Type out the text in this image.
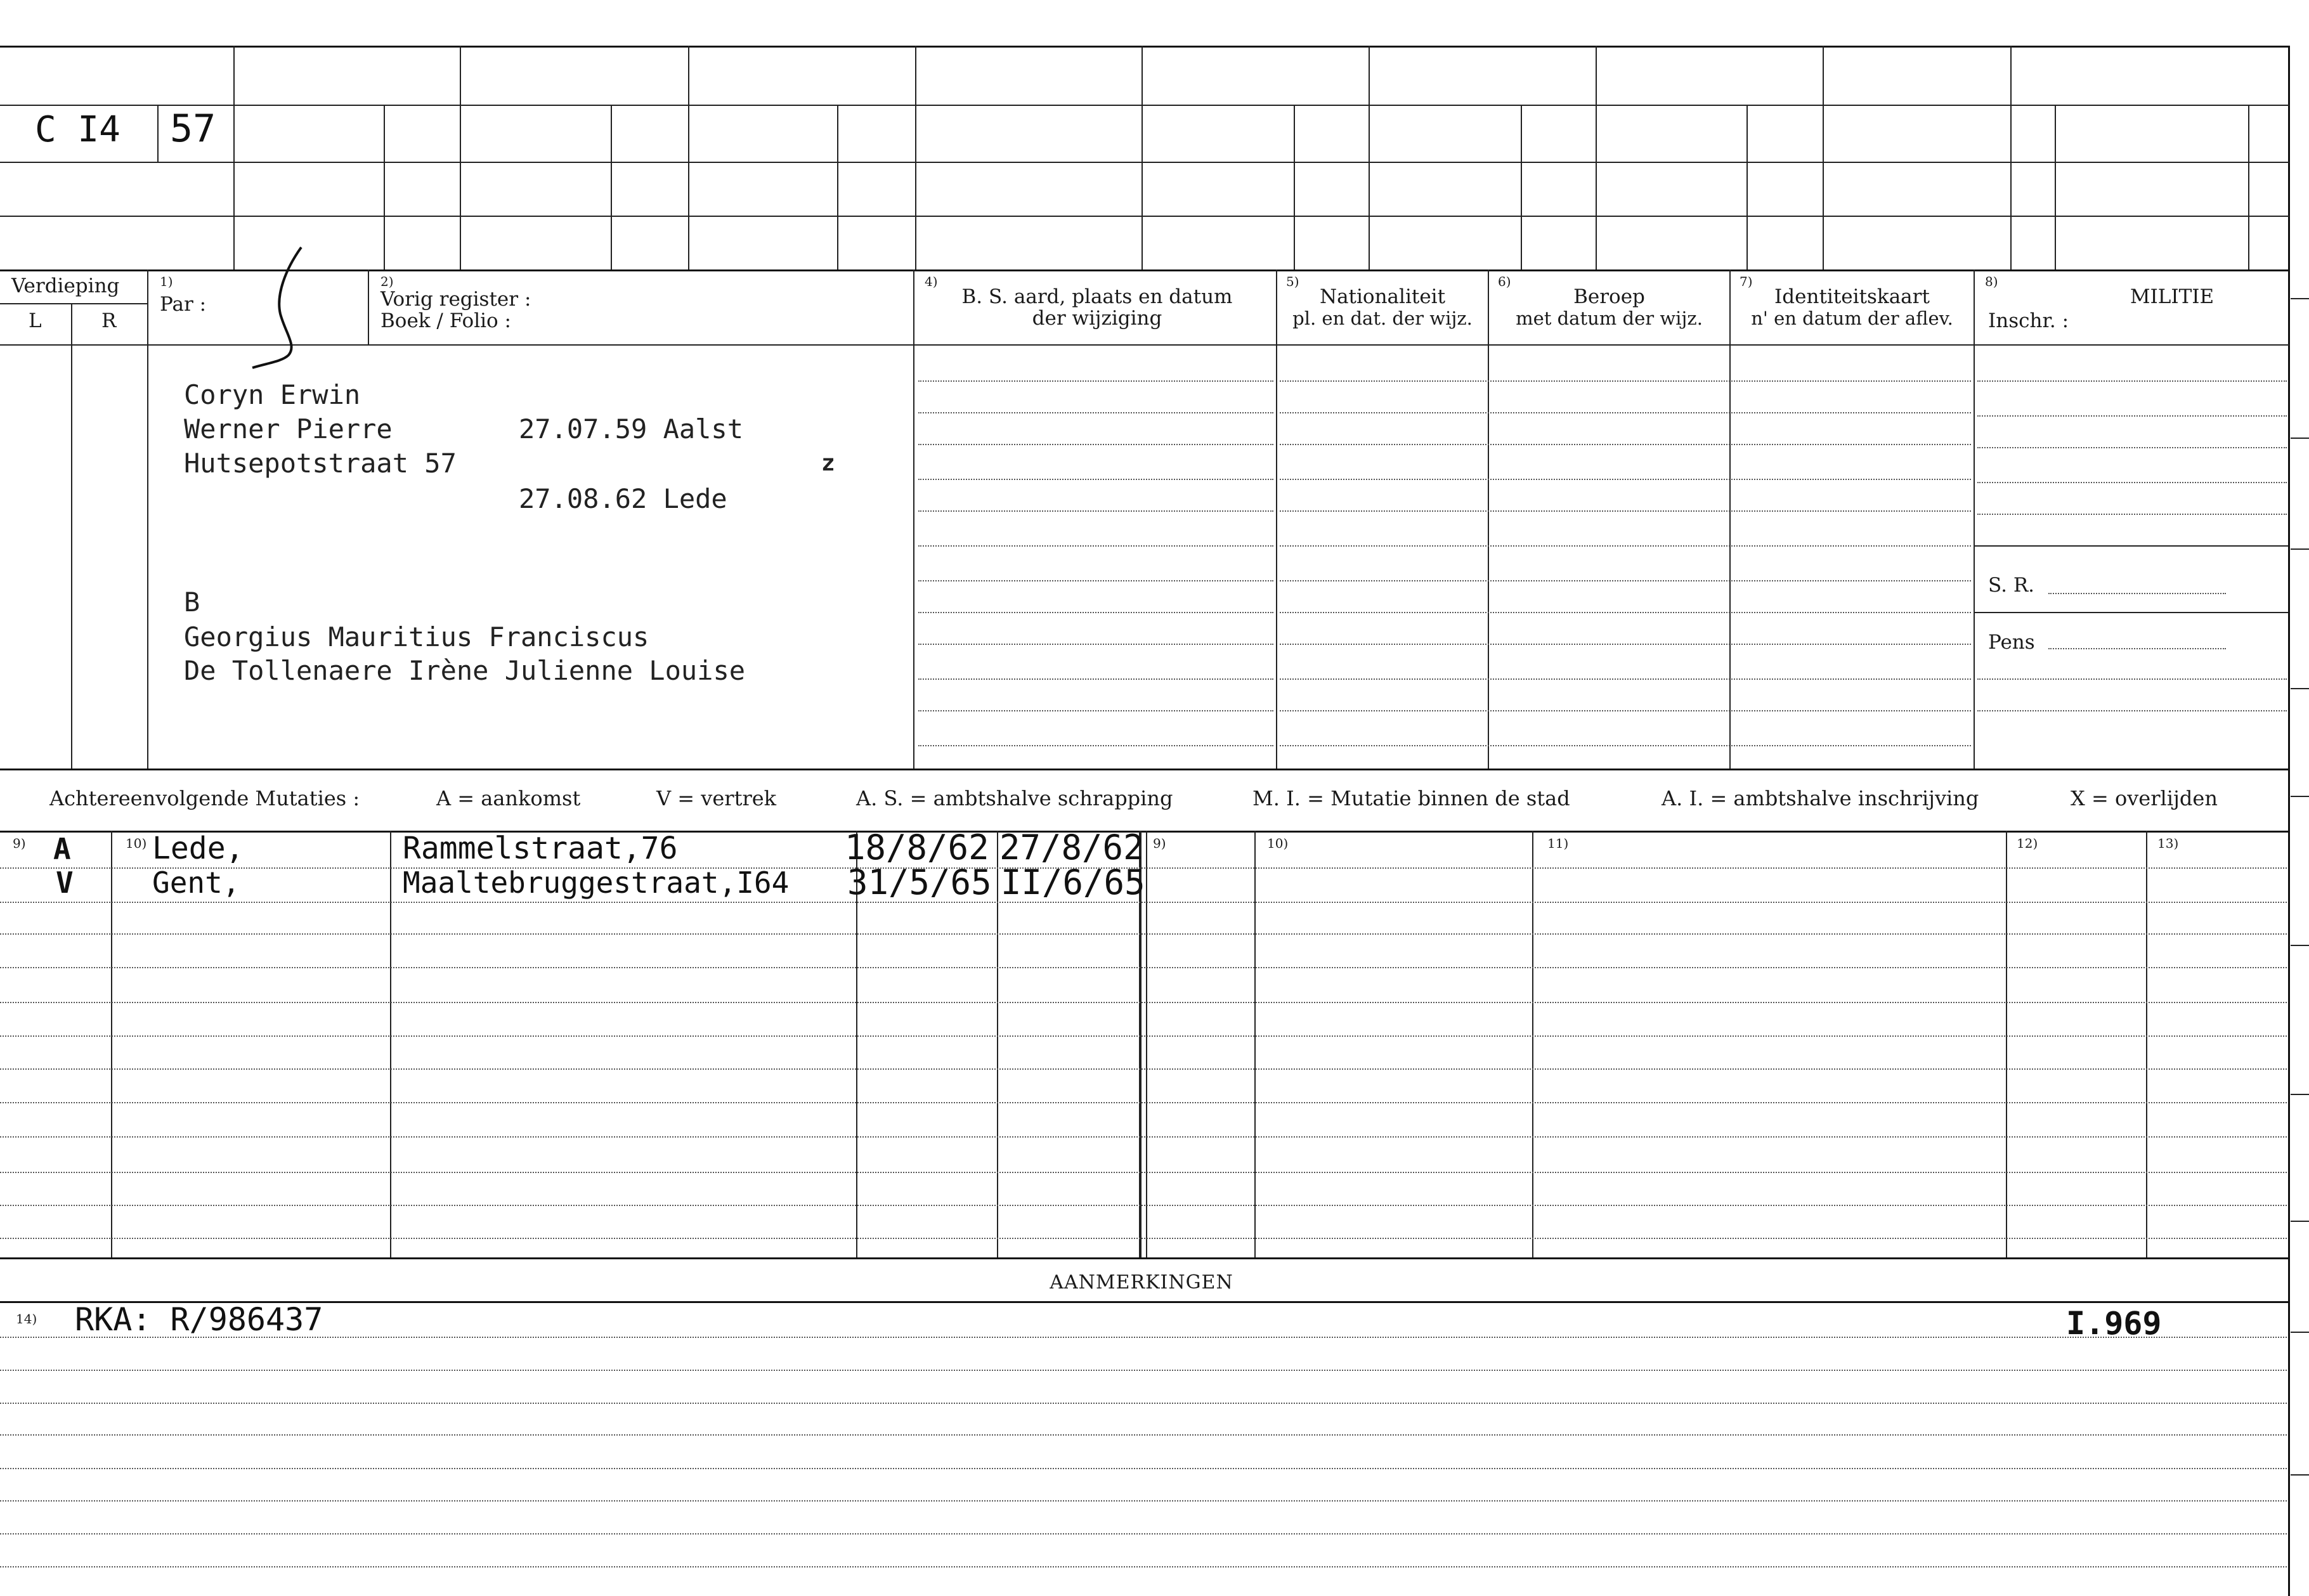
C I4 57
Verdieping
L	R
1)
Par :
2)
Vorig register :
Boek / Folio :
4)
B. S. aard, plaats en datum
der wijziging
5)
Nationaliteit
pl. en dat. der wijz.
6)
Beroep
met datum der wijz.
7)
Identiteitskaart
n' en datum der aflev.
8)
MILITIE
Inschr. :
S. R.
Pens
Coryn Erwin
Werner Pierre	27.07.59 Aalst
Hutsepotstraat 57	z
27.08.62 Lede
B
Georgius Mauritius Franciscus
De Tollenaere Irène Julienne Louise
Achtereenvolgende Mutaties :	A = aankomst	V = vertrek	A. S. = ambtshalve schrapping	M. I. = Mutatie binnen de stad	A. I. = ambtshalve inschrijving	X = overlijden
9)	10)	9)	10)	11)	12)	13)
A	Lede,	Rammelstraat,76	18/8/62 27/8/62
V	Gent,	Maaltebruggestraat,I64 31/5/65 II/6/65
AANMERKINGEN
14) RKA: R/986437	I.969
